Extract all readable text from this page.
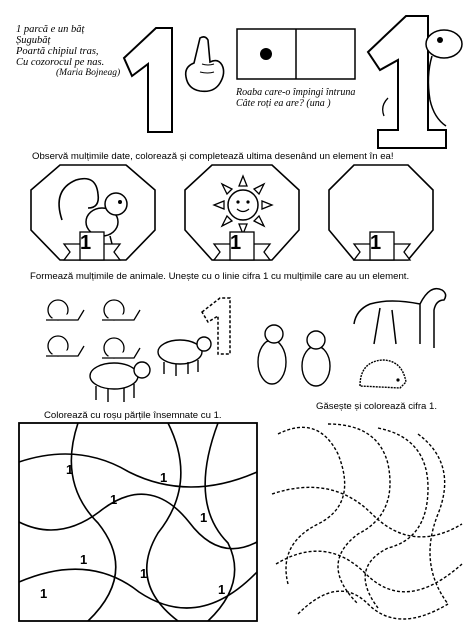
1 parcă e un băț
Șugubăț
Poartă chipiul tras,
Cu cozorocul pe nas.
(Maria Bojneag)
Roaba care-o împingi întruna
Câte roți ea are? (una )
Observă mulțimile date, colorează și completează ultima desenând un element în ea!
1	1	1
Formează mulțimile de animale. Unește cu o linie cifra 1 cu mulțimile care au un element.
Colorează cu roșu părțile însemnate cu 1.
Găsește și colorează cifra 1.
1
1
1
1
1
1
1	1
